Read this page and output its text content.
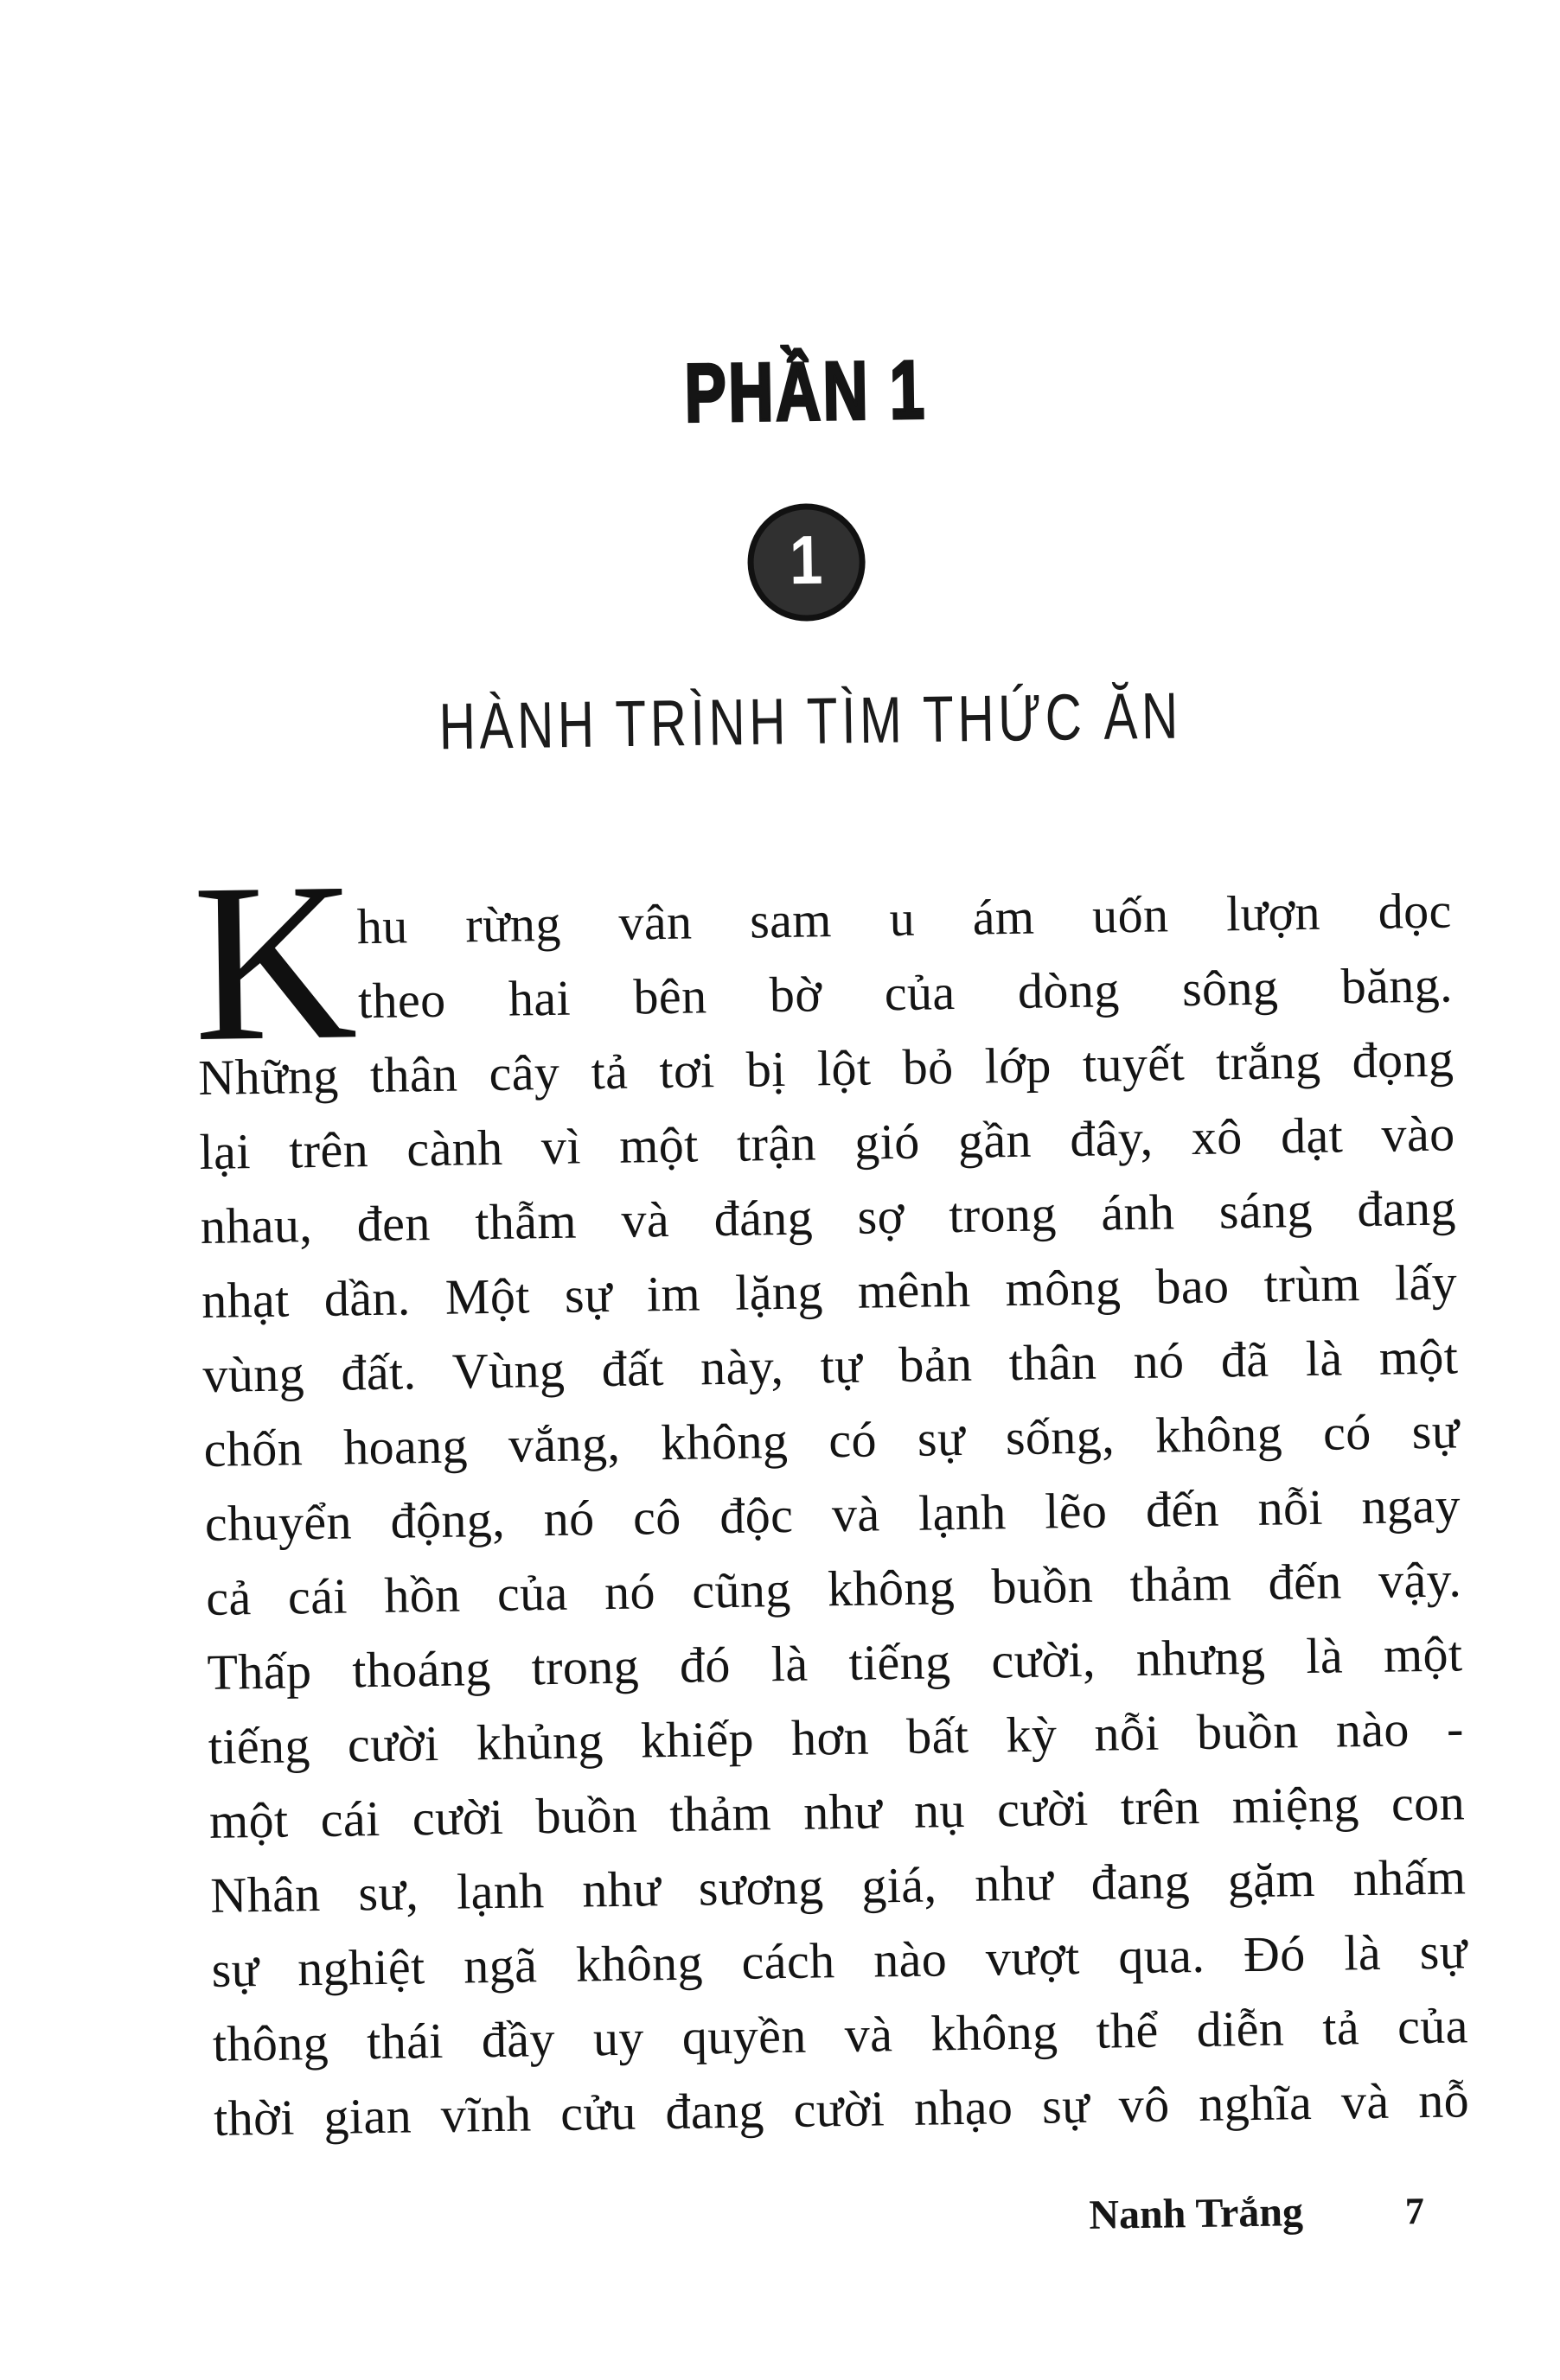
PHẦN 1
1
HÀNH TRÌNH TÌM THỨC ĂN
K
hu rừng vân sam u ám uốn lượn dọc
theo hai bên bờ của dòng sông băng.
Những thân cây tả tơi bị lột bỏ lớp tuyết trắng đọng
lại trên cành vì một trận gió gần đây, xô dạt vào
nhau, đen thẫm và đáng sợ trong ánh sáng đang
nhạt dần. Một sự im lặng mênh mông bao trùm lấy
vùng đất. Vùng đất này, tự bản thân nó đã là một
chốn hoang vắng, không có sự sống, không có sự
chuyển động, nó cô độc và lạnh lẽo đến nỗi ngay
cả cái hồn của nó cũng không buồn thảm đến vậy.
Thấp thoáng trong đó là tiếng cười, nhưng là một
tiếng cười khủng khiếp hơn bất kỳ nỗi buồn nào -
một cái cười buồn thảm như nụ cười trên miệng con
Nhân sư, lạnh như sương giá, như đang gặm nhấm
sự nghiệt ngã không cách nào vượt qua. Đó là sự
thông thái đầy uy quyền và không thể diễn tả của
thời gian vĩnh cửu đang cười nhạo sự vô nghĩa và nỗ
Nanh Trắng	7
